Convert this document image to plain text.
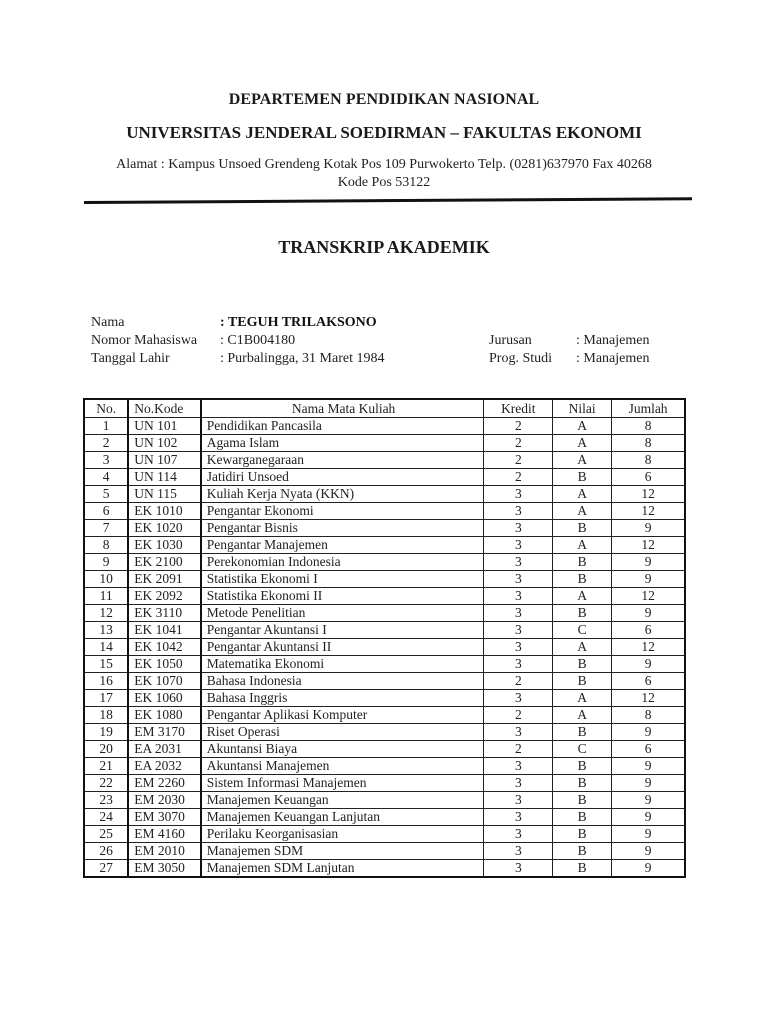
DEPARTEMEN PENDIDIKAN NASIONAL
UNIVERSITAS JENDERAL SOEDIRMAN – FAKULTAS EKONOMI
Alamat : Kampus Unsoed Grendeng Kotak Pos 109 Purwokerto Telp. (0281)637970 Fax 40268
Kode Pos 53122
TRANSKRIP AKADEMIK
Nama	: TEGUH TRILAKSONO
Nomor Mahasiswa : C1B004180	Jurusan	: Manajemen
Tanggal Lahir	: Purbalingga, 31 Maret 1984	Prog. Studi : Manajemen
No.	No.Kode	Nama Mata Kuliah	Kredit	Nilai	Jumlah
1	UN 101	Pendidikan Pancasila	2	A	8
2	UN 102	Agama Islam	2	A	8
3	UN 107	Kewarganegaraan	2	A	8
4	UN 114	Jatidiri Unsoed	2	B	6
5	UN 115	Kuliah Kerja Nyata (KKN)	3	A	12
6	EK 1010	Pengantar Ekonomi	3	A	12
7	EK 1020	Pengantar Bisnis	3	B	9
8	EK 1030	Pengantar Manajemen	3	A	12
9	EK 2100	Perekonomian Indonesia	3	B	9
10	EK 2091	Statistika Ekonomi I	3	B	9
11	EK 2092	Statistika Ekonomi II	3	A	12
12	EK 3110	Metode Penelitian	3	B	9
13	EK 1041	Pengantar Akuntansi I	3	C	6
14	EK 1042	Pengantar Akuntansi II	3	A	12
15	EK 1050	Matematika Ekonomi	3	B	9
16	EK 1070	Bahasa Indonesia	2	B	6
17	EK 1060	Bahasa Inggris	3	A	12
18	EK 1080	Pengantar Aplikasi Komputer	2	A	8
19	EM 3170	Riset Operasi	3	B	9
20	EA 2031	Akuntansi Biaya	2	C	6
21	EA 2032	Akuntansi Manajemen	3	B	9
22	EM 2260	Sistem Informasi Manajemen	3	B	9
23	EM 2030	Manajemen Keuangan	3	B	9
24	EM 3070	Manajemen Keuangan Lanjutan	3	B	9
25	EM 4160	Perilaku Keorganisasian	3	B	9
26	EM 2010	Manajemen SDM	3	B	9
27	EM 3050	Manajemen SDM Lanjutan	3	B	9
